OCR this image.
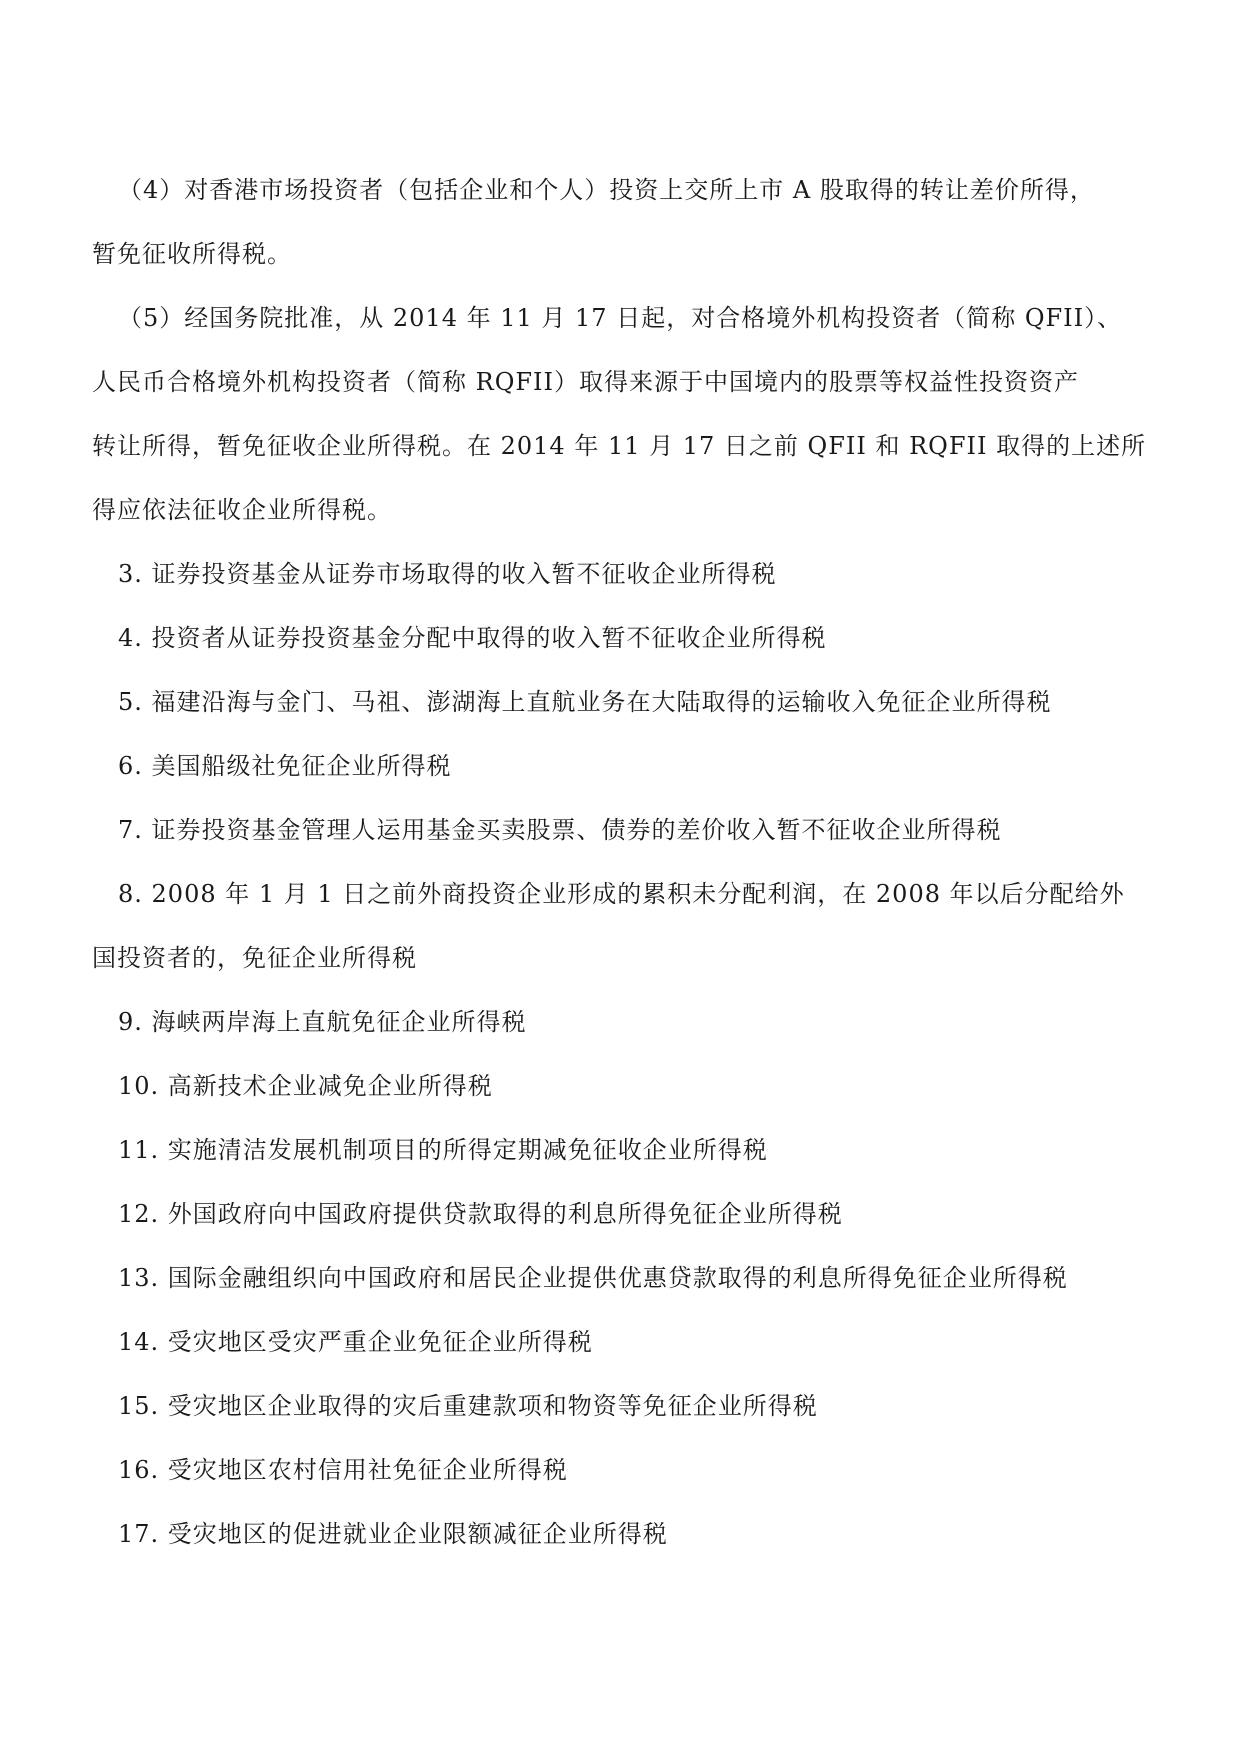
（4）对香港市场投资者（包括企业和个人）投资上交所上市 A 股取得的转让差价所得，

暂免征收所得税。

（5）经国务院批准，从 2014 年 11 月 17 日起，对合格境外机构投资者（简称 QFII）、

人民币合格境外机构投资者（简称 RQFII）取得来源于中国境内的股票等权益性投资资产

转让所得，暂免征收企业所得税。在 2014 年 11 月 17 日之前 QFII 和 RQFII 取得的上述所

得应依法征收企业所得税。

3. 证券投资基金从证券市场取得的收入暂不征收企业所得税

4. 投资者从证券投资基金分配中取得的收入暂不征收企业所得税

5. 福建沿海与金门、马祖、澎湖海上直航业务在大陆取得的运输收入免征企业所得税

6. 美国船级社免征企业所得税

7. 证券投资基金管理人运用基金买卖股票、债券的差价收入暂不征收企业所得税

8. 2008 年 1 月 1 日之前外商投资企业形成的累积未分配利润，在 2008 年以后分配给外

国投资者的，免征企业所得税

9. 海峡两岸海上直航免征企业所得税

10. 高新技术企业减免企业所得税

11. 实施清洁发展机制项目的所得定期减免征收企业所得税

12. 外国政府向中国政府提供贷款取得的利息所得免征企业所得税

13. 国际金融组织向中国政府和居民企业提供优惠贷款取得的利息所得免征企业所得税

14. 受灾地区受灾严重企业免征企业所得税

15. 受灾地区企业取得的灾后重建款项和物资等免征企业所得税

16. 受灾地区农村信用社免征企业所得税

17. 受灾地区的促进就业企业限额减征企业所得税
